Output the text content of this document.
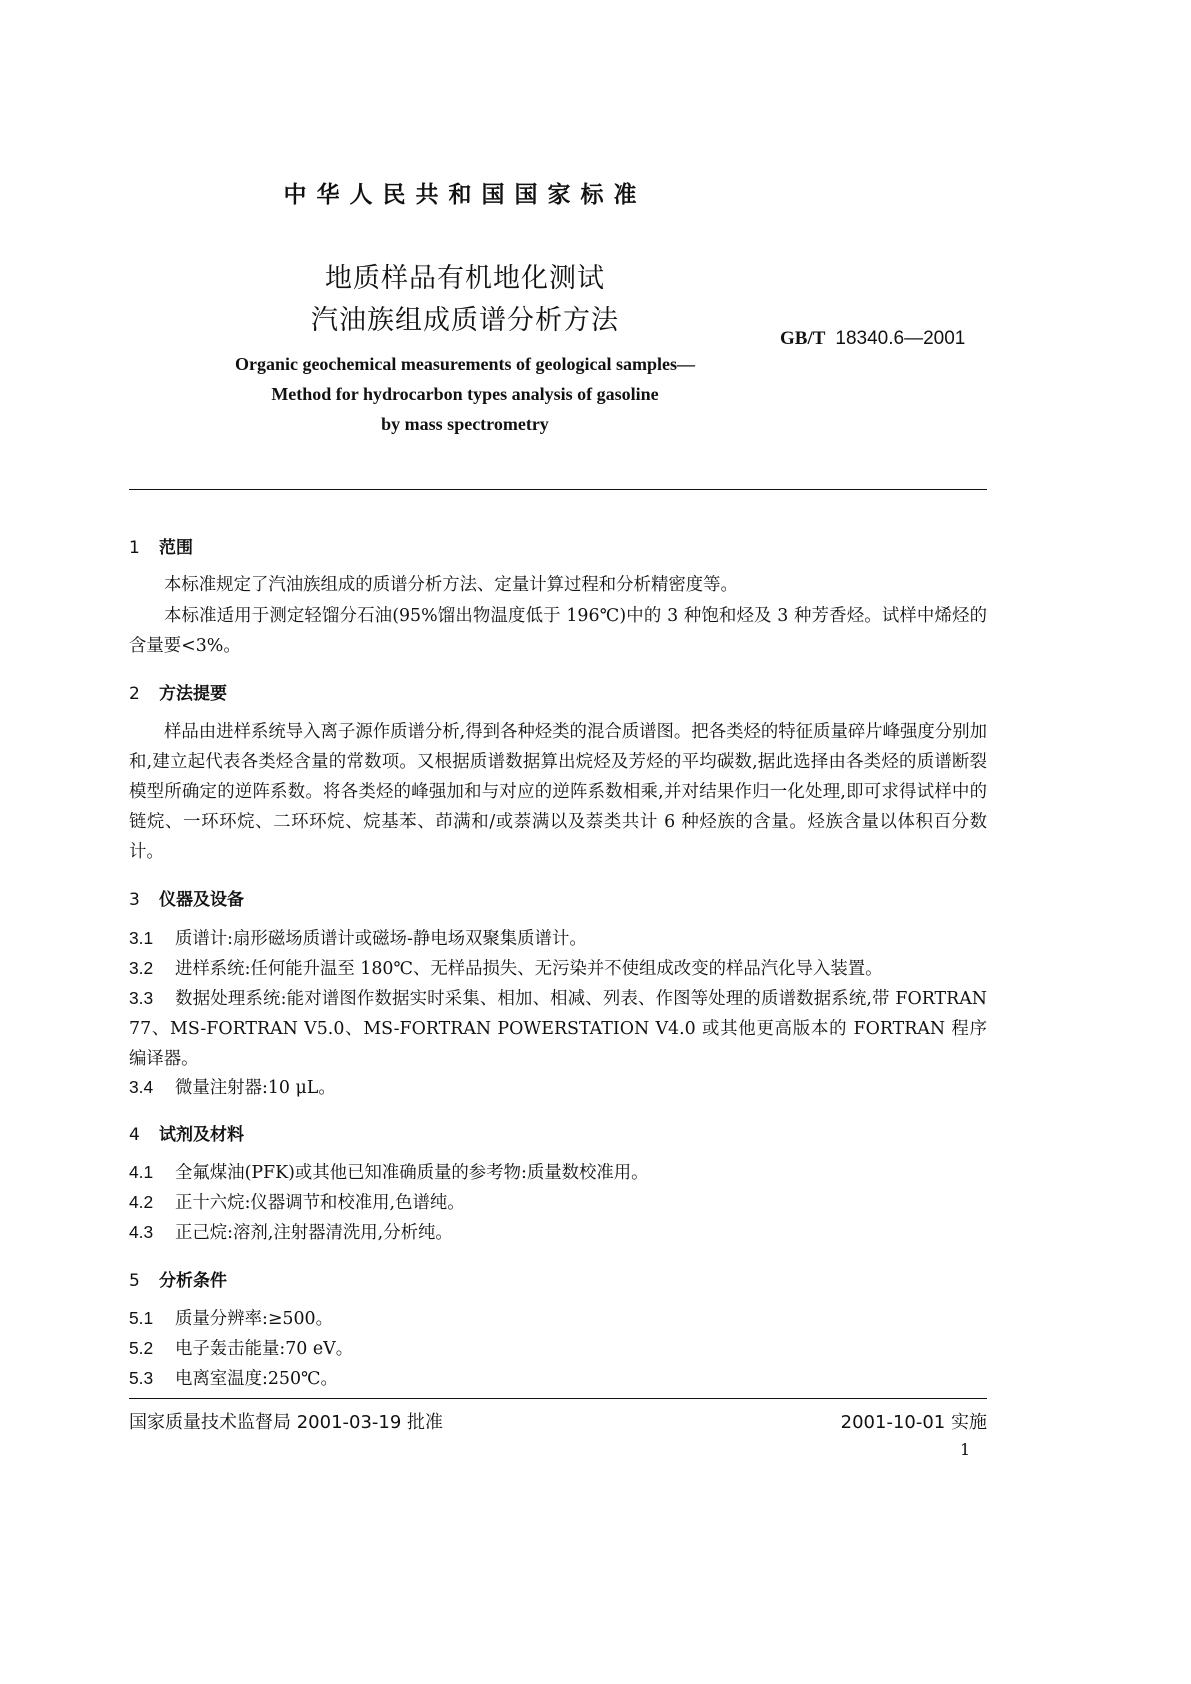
中华人民共和国国家标准
地质样品有机地化测试
汽油族组成质谱分析方法
GB/T 18340.6—2001
Organic geochemical measurements of geological samples—
Method for hydrocarbon types analysis of gasoline
by mass spectrometry
1 范围
本标准规定了汽油族组成的质谱分析方法、定量计算过程和分析精密度等。
本标准适用于测定轻馏分石油(95%馏出物温度低于 196℃)中的 3 种饱和烃及 3 种芳香烃。试样中烯烃的含量要<3%。
2 方法提要
样品由进样系统导入离子源作质谱分析,得到各种烃类的混合质谱图。把各类烃的特征质量碎片峰强度分别加和,建立起代表各类烃含量的常数项。又根据质谱数据算出烷烃及芳烃的平均碳数,据此选择由各类烃的质谱断裂模型所确定的逆阵系数。将各类烃的峰强加和与对应的逆阵系数相乘,并对结果作归一化处理,即可求得试样中的链烷、一环环烷、二环环烷、烷基苯、茚满和/或萘满以及萘类共计 6 种烃族的含量。烃族含量以体积百分数计。
3 仪器及设备
3.1 质谱计:扇形磁场质谱计或磁场-静电场双聚集质谱计。
3.2 进样系统:任何能升温至 180℃、无样品损失、无污染并不使组成改变的样品汽化导入装置。
3.3 数据处理系统:能对谱图作数据实时采集、相加、相减、列表、作图等处理的质谱数据系统,带 FORTRAN 77、MS-FORTRAN V5.0、MS-FORTRAN POWERSTATION V4.0 或其他更高版本的 FORTRAN 程序编译器。
3.4 微量注射器:10 μL。
4 试剂及材料
4.1 全氟煤油(PFK)或其他已知准确质量的参考物:质量数校准用。
4.2 正十六烷:仪器调节和校准用,色谱纯。
4.3 正己烷:溶剂,注射器清洗用,分析纯。
5 分析条件
5.1 质量分辨率:≥500。
5.2 电子轰击能量:70 eV。
5.3 电离室温度:250℃。
国家质量技术监督局 2001-03-19 批准	2001-10-01 实施
1
